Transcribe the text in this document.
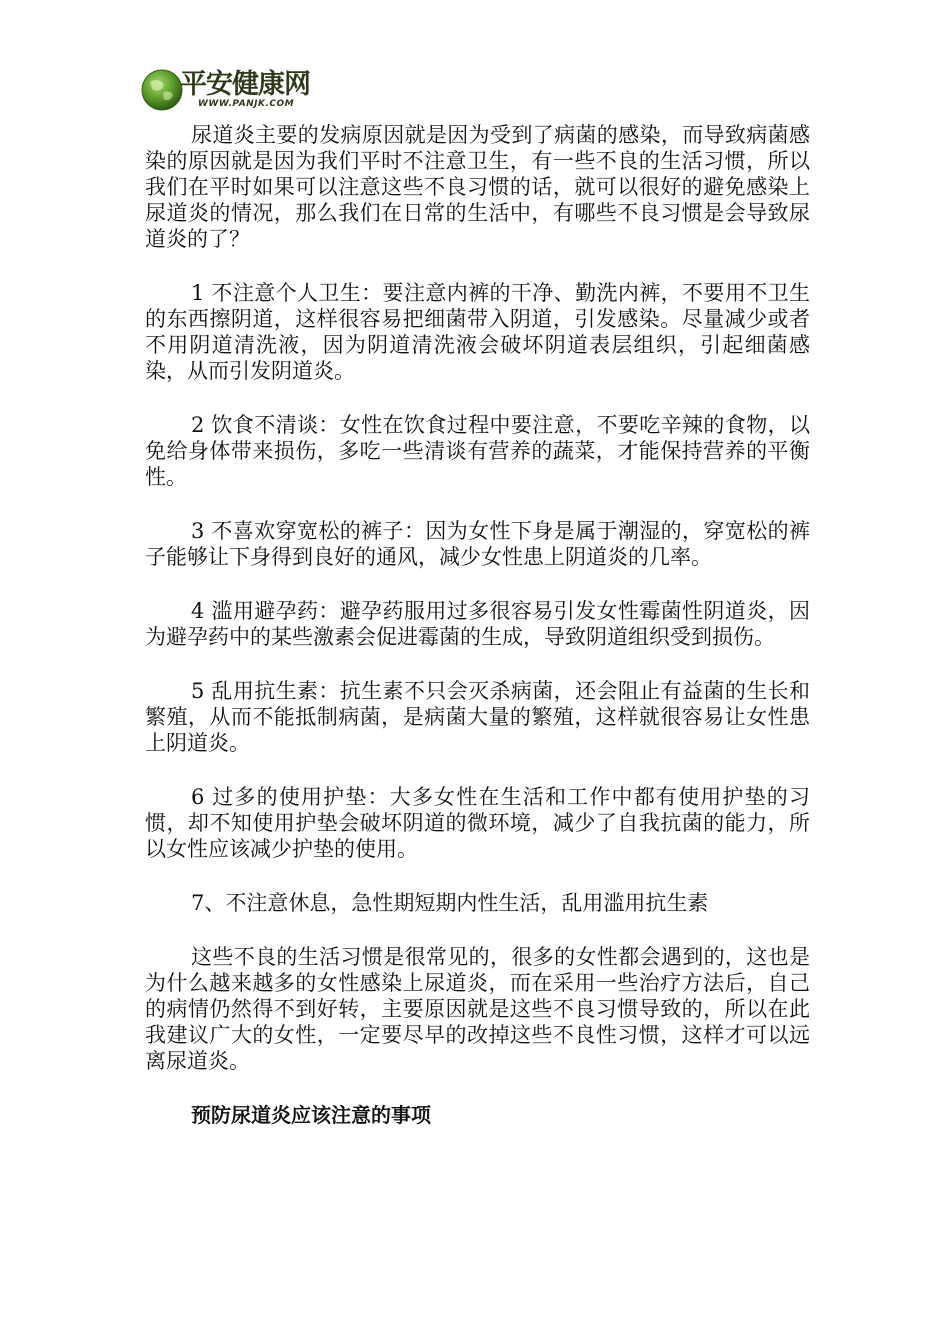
平安健康网
WWW.PANJK.COM

尿道炎主要的发病原因就是因为受到了病菌的感染，而导致病菌感染的原因就是因为我们平时不注意卫生，有一些不良的生活习惯，所以我们在平时如果可以注意这些不良习惯的话，就可以很好的避免感染上尿道炎的情况，那么我们在日常的生活中，有哪些不良习惯是会导致尿道炎的了？

1 不注意个人卫生：要注意内裤的干净、勤洗内裤，不要用不卫生的东西擦阴道，这样很容易把细菌带入阴道，引发感染。尽量减少或者不用阴道清洗液，因为阴道清洗液会破坏阴道表层组织，引起细菌感染，从而引发阴道炎。

2 饮食不清谈：女性在饮食过程中要注意，不要吃辛辣的食物，以免给身体带来损伤，多吃一些清谈有营养的蔬菜，才能保持营养的平衡性。

3 不喜欢穿宽松的裤子：因为女性下身是属于潮湿的，穿宽松的裤子能够让下身得到良好的通风，减少女性患上阴道炎的几率。

4 滥用避孕药：避孕药服用过多很容易引发女性霉菌性阴道炎，因为避孕药中的某些激素会促进霉菌的生成，导致阴道组织受到损伤。

5 乱用抗生素：抗生素不只会灭杀病菌，还会阻止有益菌的生长和繁殖，从而不能抵制病菌，是病菌大量的繁殖，这样就很容易让女性患上阴道炎。

6 过多的使用护垫：大多女性在生活和工作中都有使用护垫的习惯，却不知使用护垫会破坏阴道的微环境，减少了自我抗菌的能力，所以女性应该减少护垫的使用。

7、不注意休息，急性期短期内性生活，乱用滥用抗生素

这些不良的生活习惯是很常见的，很多的女性都会遇到的，这也是为什么越来越多的女性感染上尿道炎，而在采用一些治疗方法后，自己的病情仍然得不到好转，主要原因就是这些不良习惯导致的，所以在此我建议广大的女性，一定要尽早的改掉这些不良性习惯，这样才可以远离尿道炎。

预防尿道炎应该注意的事项
